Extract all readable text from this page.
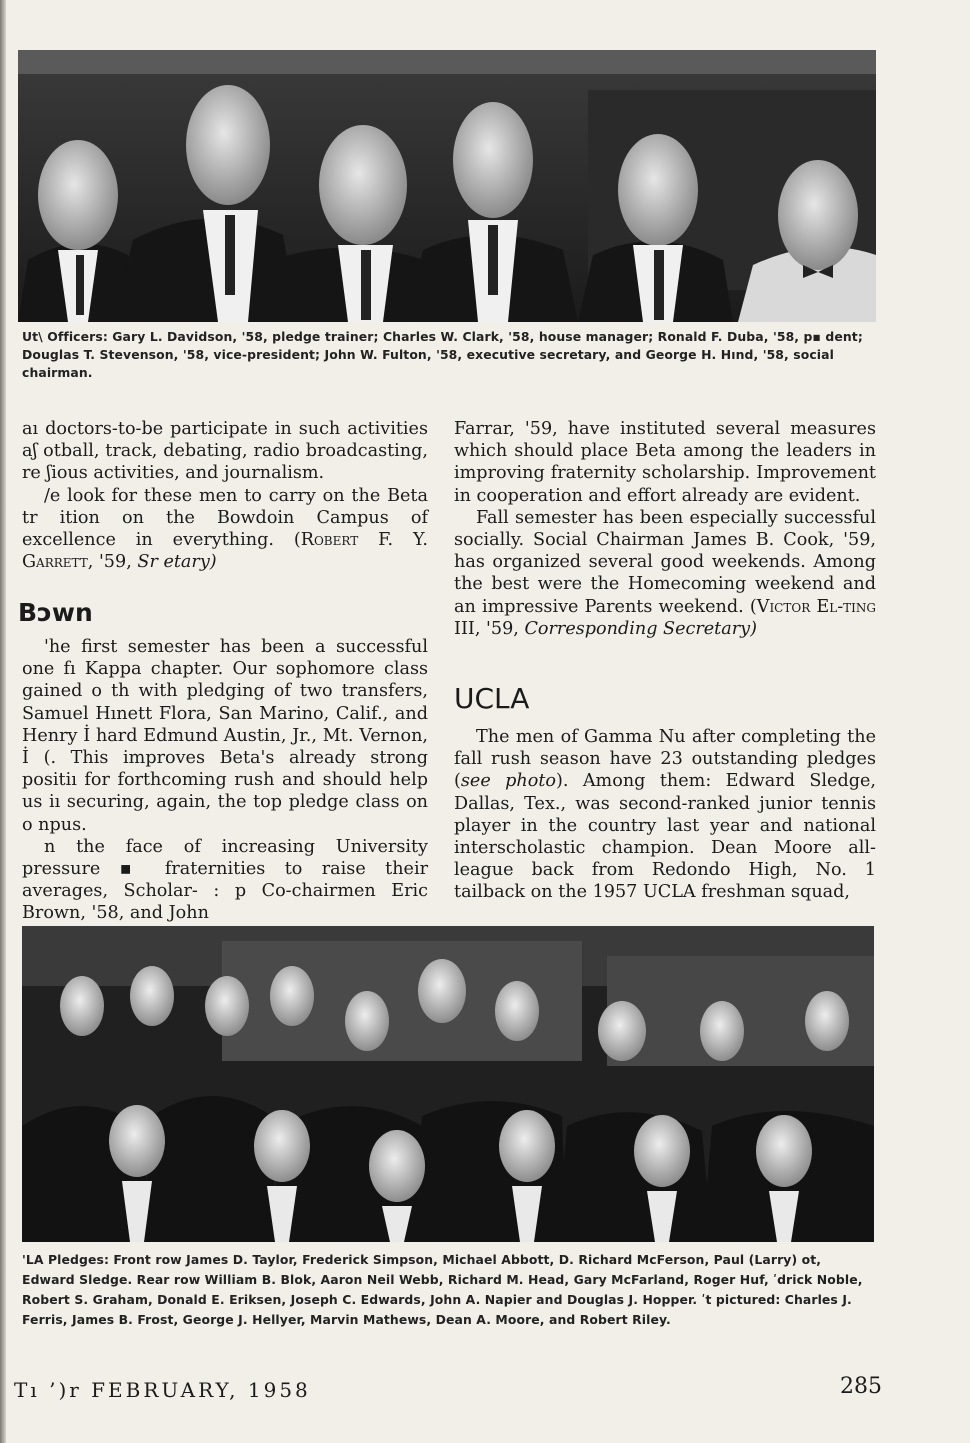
Ut\ Officers: Gary L. Davidson, '58, pledge trainer; Charles W. Clark, '58, house manager; Ronald F. Duba, '58, p▪ dent; Douglas T. Stevenson, '58, vice-president; John W. Fulton, '58, executive secretary, and George H. Hınd, '58, social chairman.

aı doctors-to-be participate in such activities aʃ otball, track, debating, radio broadcasting, re ʃious activities, and journalism.

/e look for these men to carry on the Beta tr ition on the Bowdoin Campus of excellence in everything. (Robert F. Y. Garrett, '59, Sr etary)

Bɔwn

'he first semester has been a successful one fı Kappa chapter. Our sophomore class gained o th with pledging of two transfers, Samuel Hınett Flora, San Marino, Calif., and Henry İ hard Edmund Austin, Jr., Mt. Vernon, İ (. This improves Beta's already strong positiı for forthcoming rush and should help us iı securing, again, the top pledge class on o npus.

n the face of increasing University pressure ▪ fraternities to raise their averages, Scholar- : p Co-chairmen Eric Brown, '58, and John

Farrar, '59, have instituted several measures which should place Beta among the leaders in improving fraternity scholarship. Improvement in cooperation and effort already are evident.

Fall semester has been especially successful socially. Social Chairman James B. Cook, '59, has organized several good weekends. Among the best were the Homecoming weekend and an impressive Parents weekend. (Victor El-ting III, '59, Corresponding Secretary)

UCLA

The men of Gamma Nu after completing the fall rush season have 23 outstanding pledges (see photo). Among them: Edward Sledge, Dallas, Tex., was second-ranked junior tennis player in the country last year and national interscholastic champion. Dean Moore all-league back from Redondo High, No. 1 tailback on the 1957 UCLA freshman squad,

'LA Pledges: Front row James D. Taylor, Frederick Simpson, Michael Abbott, D. Richard McFerson, Paul (Larry) ot, Edward Sledge. Rear row William B. Blok, Aaron Neil Webb, Richard M. Head, Gary McFarland, Roger Huf, ʹdrick Noble, Robert S. Graham, Donald E. Eriksen, Joseph C. Edwards, John A. Napier and Douglas J. Hopper. ʹt pictured: Charles J. Ferris, James B. Frost, George J. Hellyer, Marvin Mathews, Dean A. Moore, and Robert Riley.
Tı ’)r FEBRUARY, 1958	285
